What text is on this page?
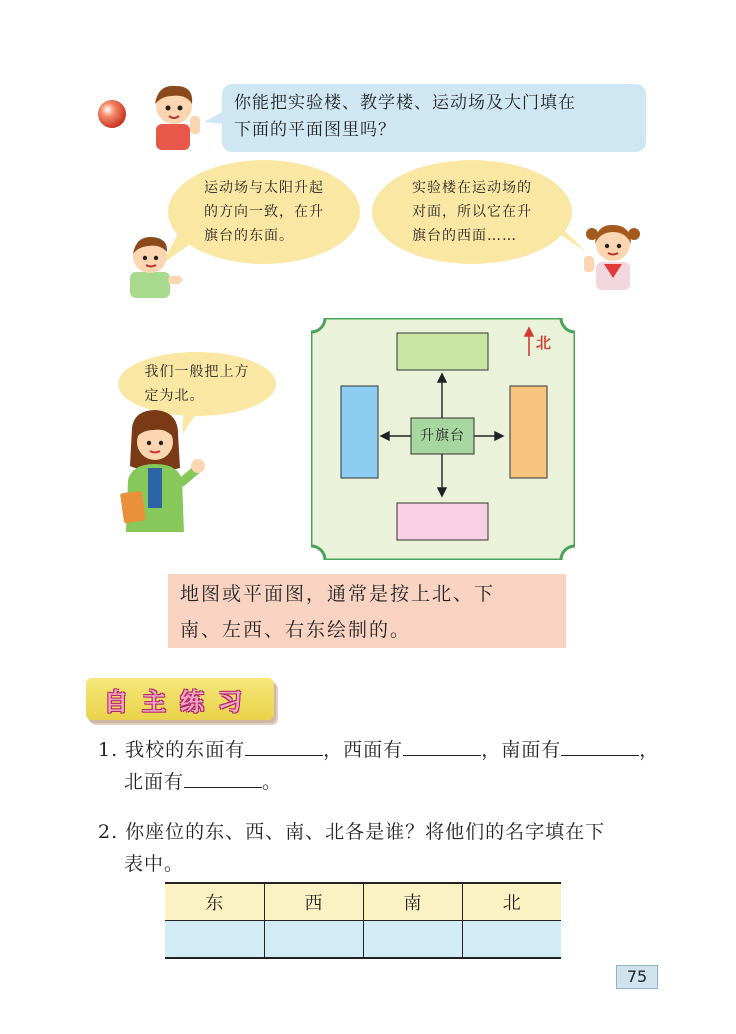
你能把实验楼、教学楼、运动场及大门填在
下面的平面图里吗？
运动场与太阳升起
的方向一致，在升
旗台的东面。
实验楼在运动场的
对面，所以它在升
旗台的西面……
我们一般把上方
定为北。
升旗台
北
地图或平面图，通常是按上北、下
南、左西、右东绘制的。
自主练习
1. 我校的东面有	，西面有	，南面有	，
北面有	。
2. 你座位的东、西、南、北各是谁？将他们的名字填在下
表中。
东	西	南	北

75
